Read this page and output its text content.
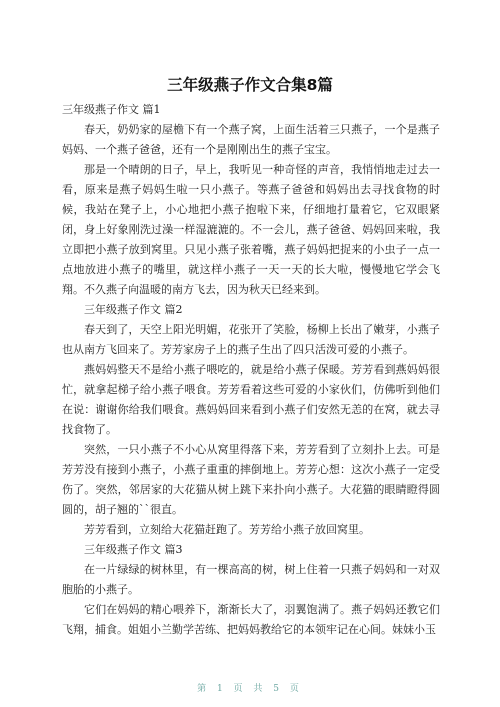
三年级燕子作文合集8篇

三年级燕子作文 篇1

春天，奶奶家的屋檐下有一个燕子窝，上面生活着三只燕子，一个是燕子妈妈、一个燕子爸爸，还有一个是刚刚出生的燕子宝宝。

那是一个晴朗的日子，早上，我听见一种奇怪的声音，我悄悄地走过去一看，原来是燕子妈妈生啦一只小燕子。等燕子爸爸和妈妈出去寻找食物的时候，我站在凳子上，小心地把小燕子抱啦下来，仔细地打量着它，它双眼紧闭，身上好象刚洗过澡一样湿漉漉的。不一会儿，燕子爸爸、妈妈回来啦，我立即把小燕子放到窝里。只见小燕子张着嘴，燕子妈妈把捉来的小虫子一点一点地放进小燕子的嘴里，就这样小燕子一天一天的长大啦，慢慢地它学会飞翔。不久燕子向温暖的南方飞去，因为秋天已经来到。

三年级燕子作文 篇2

春天到了，天空上阳光明媚，花张开了笑脸，杨柳上长出了嫩芽，小燕子也从南方飞回来了。芳芳家房子上的燕子生出了四只活泼可爱的小燕子。

燕妈妈整天不是给小燕子喂吃的，就是给小燕子保暖。芳芳看到燕妈妈很忙，就拿起梯子给小燕子喂食。芳芳看着这些可爱的小家伙们，仿佛听到他们在说：谢谢你给我们喂食。燕妈妈回来看到小燕子们安然无恙的在窝，就去寻找食物了。

突然，一只小燕子不小心从窝里得落下来，芳芳看到了立刻扑上去。可是芳芳没有接到小燕子，小燕子重重的摔倒地上。芳芳心想：这次小燕子一定受伤了。突然，邻居家的大花猫从树上跳下来扑向小燕子。大花猫的眼睛瞪得圆圆的，胡子翘的``很直。

芳芳看到，立刻给大花猫赶跑了。芳芳给小燕子放回窝里。

三年级燕子作文 篇3

在一片绿绿的树林里，有一棵高高的树，树上住着一只燕子妈妈和一对双胞胎的小燕子。

它们在妈妈的精心喂养下，渐渐长大了，羽翼饱满了。燕子妈妈还教它们飞翔，捕食。姐姐小兰勤学苦练、把妈妈教给它的本领牢记在心间。妹妹小玉

第 1 页 共 5 页
